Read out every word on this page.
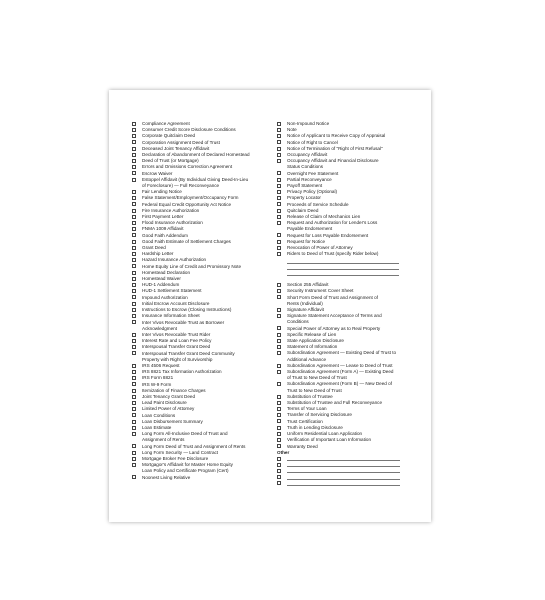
Compliance Agreement
Consumer Credit Score Disclosure Conditions
Corporate Quitclaim Deed
Corporation Assignment Deed of Trust
Deceased Joint Tenancy Affidavit
Declaration of Abandonment of Declared Homestead
Deed of Trust (or Mortgage)
Errors and Omissions Correction Agreement
Escrow Waiver
Estoppel Affidavit (By Individual Giving Deed-In-Lieu
of Foreclosure) — Full Reconveyance
Fair Lending Notice
False Statement/Employment/Occupancy Form
Federal Equal Credit Opportunity Act Notice
Fire Insurance Authorization
First Payment Letter
Flood Insurance Authorization
FNMA 1009 Affidavit
Good Faith Addendum
Good Faith Estimate of Settlement Charges
Grant Deed
Hardship Letter
Hazard Insurance Authorization
Home Equity Line of Credit and Promissory Note
Homestead Declaration
Homestead Waiver
HUD-1 Addendum
HUD-1 Settlement Statement
Impound Authorization
Initial Escrow Account Disclosure
Instructions to Escrow (Closing Instructions)
Insurance Information Sheet
Inter Vivos Revocable Trust as Borrower
Acknowledgment
Inter Vivos Revocable Trust Rider
Interest Rate and Loan Fee Policy
Interspousal Transfer Grant Deed
Interspousal Transfer Grant Deed Community
Property with Right of Survivorship
IRS 4506 Request
IRS 8821 Tax Information Authorization
IRS Form 8821
IRS W-9 Form
Itemization of Finance Charges
Joint Tenancy Grant Deed
Lead Paint Disclosure
Limited Power of Attorney
Loan Conditions
Loan Disbursement Summary
Loan Estimate
Long Form All-Inclusive Deed of Trust and
Assignment of Rents
Long Form Deed of Trust and Assignment of Rents
Long Form Security — Land Contract
Mortgage Broker Fee Disclosure
Mortgagor's Affidavit for Master Home Equity
Loan Policy and Certificate Program (Cert)
Noonest Living Relative
Non-Impound Notice
Note
Notice of Applicant to Receive Copy of Appraisal
Notice of Right to Cancel
Notice of Termination of "Right of First Refusal"
Occupancy Affidavit
Occupancy Affidavit and Financial Disclosure
Status Conditions
Overnight Fee Statement
Partial Reconveyance
Payoff Statement
Privacy Policy (Optional)
Property Locator
Proceeds of Service Schedule
Quitclaim Deed
Release of Claim of Mechanics Lien
Request and Authorization for Lender's Loss
Payable Endorsement
Request for Loss Payable Endorsement
Request for Notice
Revocation of Power of Attorney
Riders to Deed of Trust (specify Rider below)
Section 255 Affidavit
Security Instrument Cover Sheet
Short Form Deed of Trust and Assignment of
Rents (Individual)
Signature Affidavit
Signature Statement Acceptance of Terms and
Conditions
Special Power of Attorney as to Real Property
Specific Release of Lien
State Application Disclosure
Statement of Information
Subordination Agreement — Existing Deed of Trust to
Additional Advance
Subordination Agreement — Lease to Deed of Trust
Subordination Agreement (Form A) — Existing Deed
of Trust to New Deed of Trust
Subordination Agreement (Form B) — New Deed of
Trust to New Deed of Trust
Substitution of Trustee
Substitution of Trustee and Full Reconveyance
Terms of Your Loan
Transfer of Servicing Disclosure
Trust Certification
Truth in Lending Disclosure
Uniform Residential Loan Application
Verification of Important Loan Information
Warranty Deed
Other
